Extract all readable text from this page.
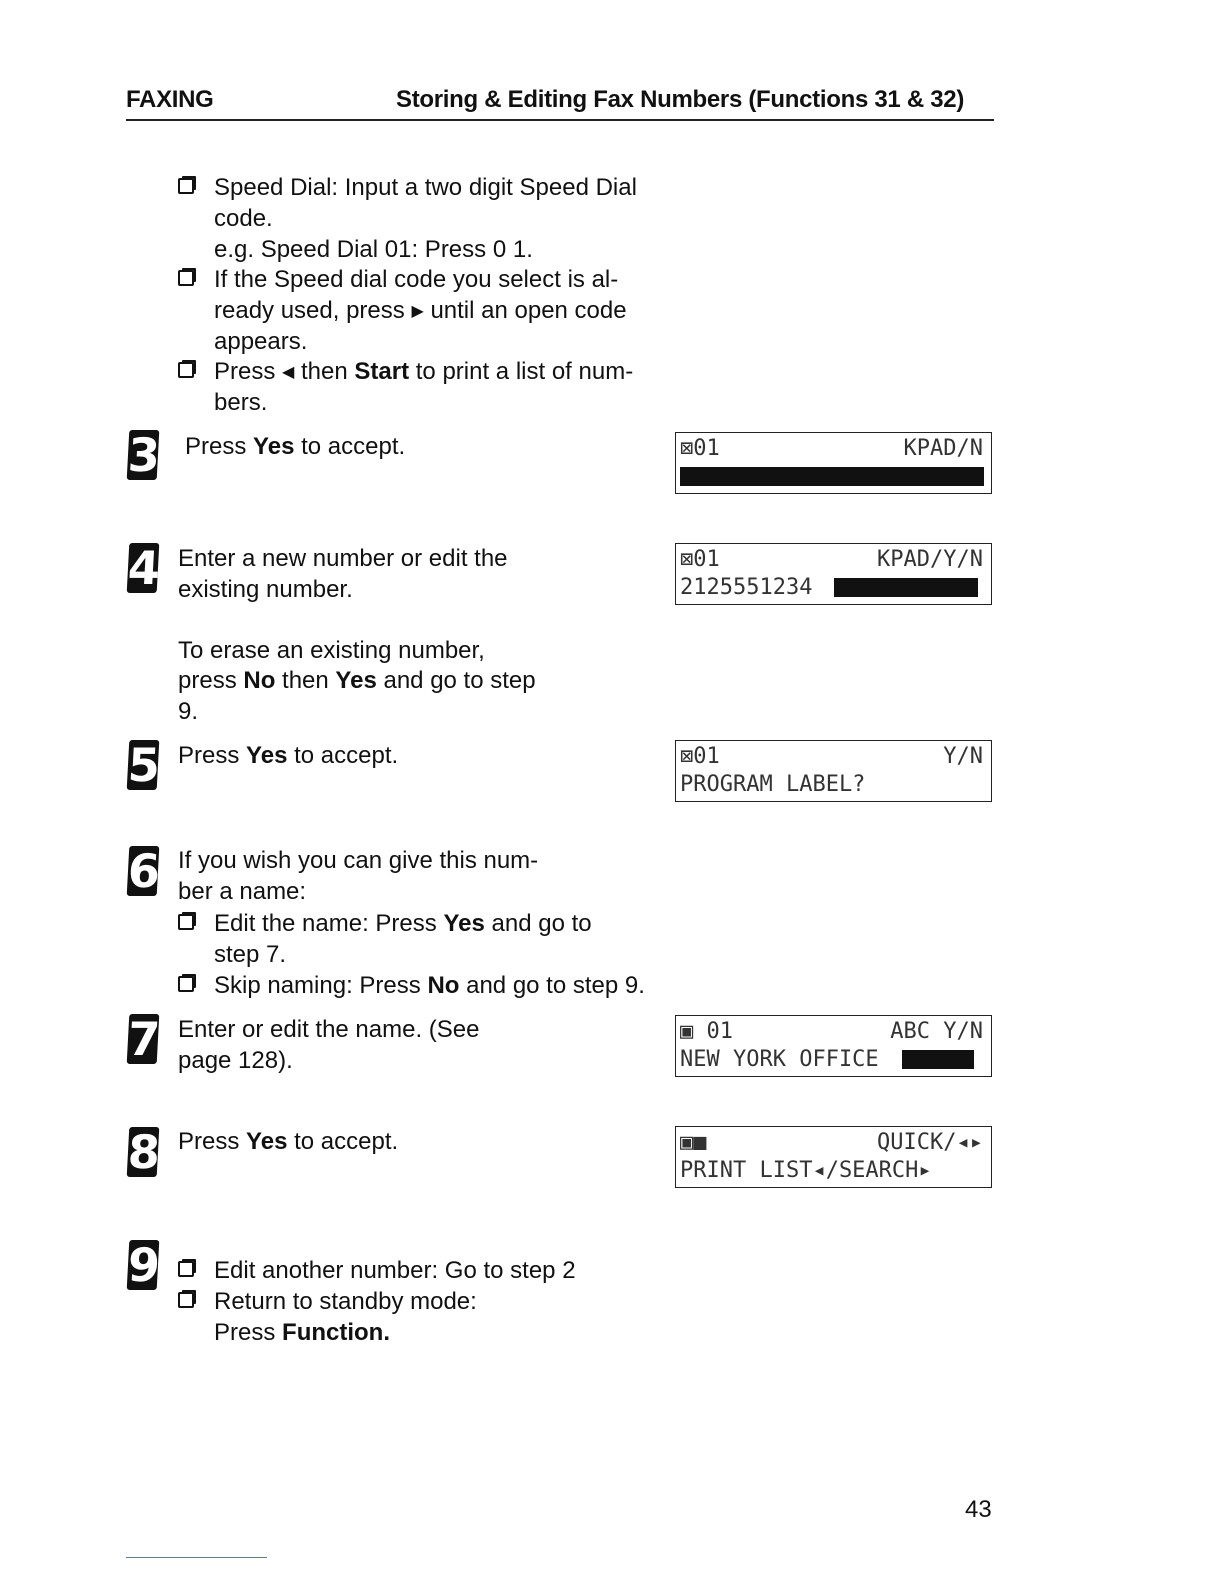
FAXING	Storing & Editing Fax Numbers (Functions 31 & 32)
Speed Dial: Input a two digit Speed Dial
code.
e.g. Speed Dial 01: Press 0 1.
If the Speed dial code you select is al-
ready used, press ▶ until an open code
appears.
Press ◀ then Start to print a list of num-
bers.
3 Press Yes to accept.	⊠01	KPAD/N
4 Enter a new number or edit the
existing number.
To erase an existing number,
press No then Yes and go to step
9.
⊠01	KPAD/Y/N
2125551234
5 Press Yes to accept.	⊠01	Y/N
PROGRAM LABEL?
6 If you wish you can give this num-
ber a name:
Edit the name: Press Yes and go to
step 7.
Skip naming: Press No and go to step 9.
7 Enter or edit the name. (See
page 128).
▣ 01	ABC Y/N
NEW YORK OFFICE
8 Press Yes to accept.	▣■	QUICK/◂▸
PRINT LIST◂/SEARCH▸
9 Edit another number: Go to step 2
Return to standby mode:
Press Function.
43
